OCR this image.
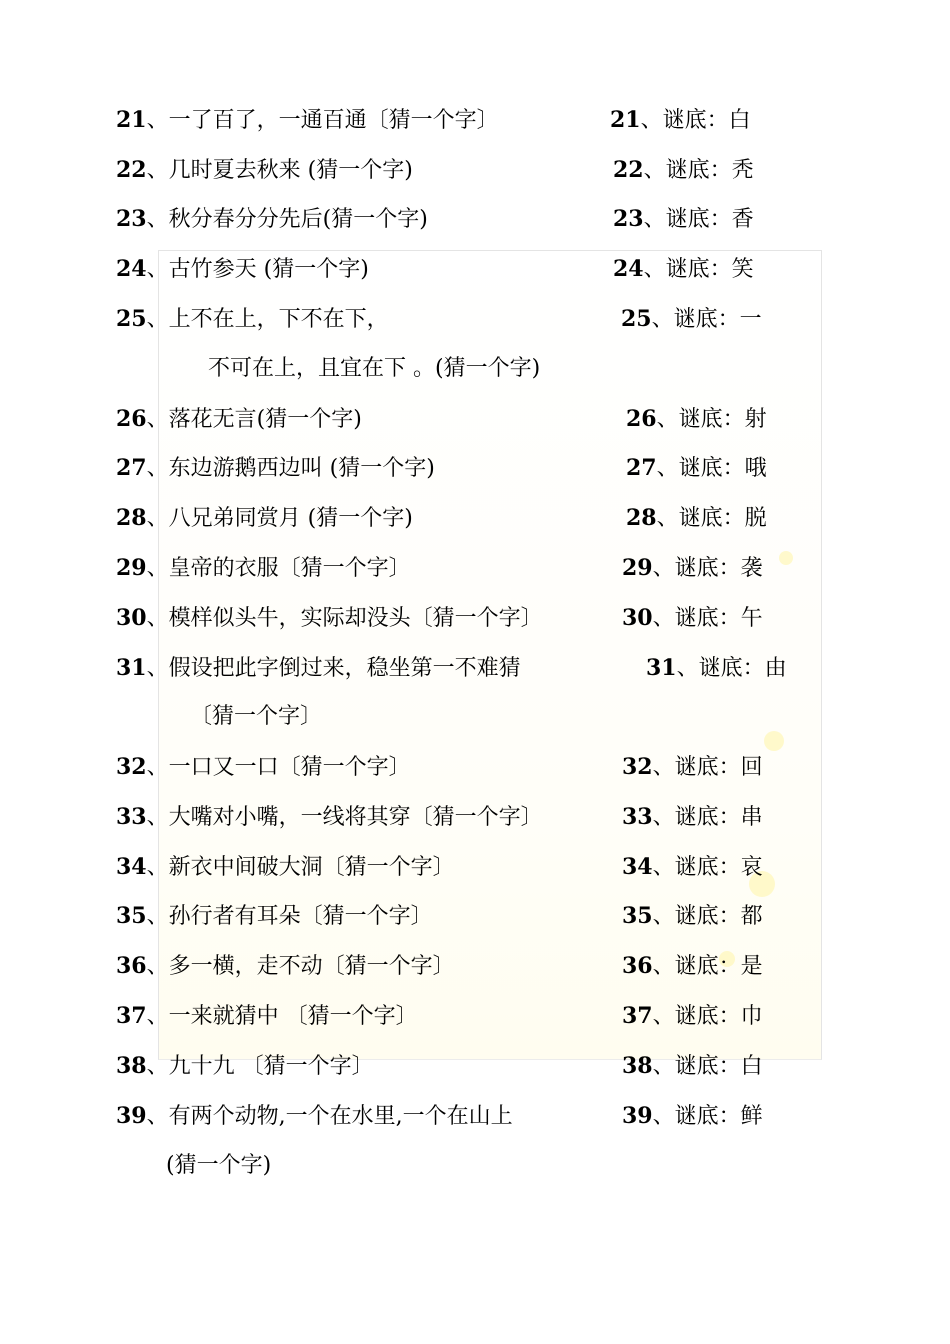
21、一了百了，一通百通〔猜一个字〕	21、谜底：白
22、几时夏去秋来 (猜一个字)	22、谜底：秃
23、秋分春分分先后(猜一个字)	23、谜底：香
24、古竹参天 (猜一个字)	24、谜底：笑
25、上不在上，下不在下，	25、谜底：一
不可在上，且宜在下 。(猜一个字)
26、落花无言(猜一个字)	26、谜底：射
27、东边游鹅西边叫 (猜一个字)	27、谜底：哦
28、八兄弟同赏月 (猜一个字)	28、谜底：脱
29、皇帝的衣服〔猜一个字〕	29、谜底：袭
30、模样似头牛，实际却没头〔猜一个字〕	30、谜底：午
31、假设把此字倒过来，稳坐第一不难猜	31、谜底：由
〔猜一个字〕
32、一口又一口〔猜一个字〕	32、谜底：回
33、大嘴对小嘴，一线将其穿〔猜一个字〕	33、谜底：串
34、新衣中间破大洞〔猜一个字〕	34、谜底：哀
35、孙行者有耳朵〔猜一个字〕	35、谜底：都
36、多一横，走不动〔猜一个字〕	36、谜底：是
37、一来就猜中 〔猜一个字〕	37、谜底：巾
38、九十九 〔猜一个字〕	38、谜底：白
39、有两个动物,一个在水里,一个在山上	39、谜底：鲜
(猜一个字)
